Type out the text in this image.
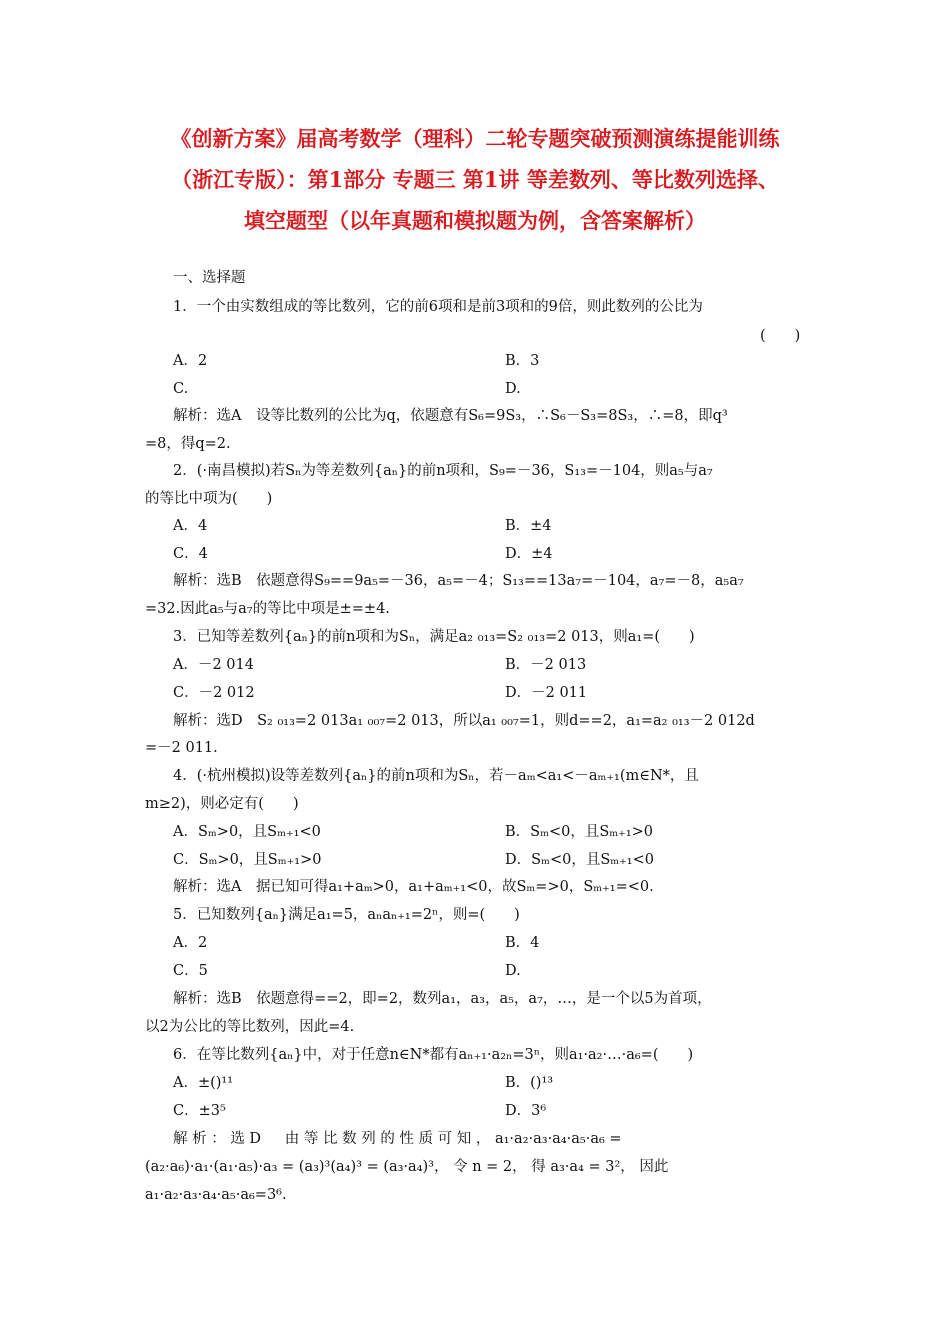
《创新方案》届高考数学（理科）二轮专题突破预测演练提能训练
（浙江专版）：第1部分 专题三 第1讲 等差数列、等比数列选择、
填空题型（以年真题和模拟题为例，含答案解析）
一、选择题
1．一个由实数组成的等比数列，它的前6项和是前3项和的9倍，则此数列的公比为
(　　)
A．2	B．3
C.	D.
解析：选A　设等比数列的公比为q，依题意有S₆=9S₃，∴S₆－S₃=8S₃，∴=8，即q³
=8，得q=2.
2．(·南昌模拟)若Sₙ为等差数列{aₙ}的前n项和，S₉=－36，S₁₃=－104，则a₅与a₇
的等比中项为(　　)
A．4	B．±4
C．4	D．±4
解析：选B　依题意得S₉==9a₅=－36，a₅=－4；S₁₃==13a₇=－104，a₇=－8，a₅a₇
=32.因此a₅与a₇的等比中项是±=±4.
3．已知等差数列{aₙ}的前n项和为Sₙ，满足a₂ ₀₁₃=S₂ ₀₁₃=2 013，则a₁=(　　)
A．－2 014	B．－2 013
C．－2 012	D．－2 011
解析：选D　S₂ ₀₁₃=2 013a₁ ₀₀₇=2 013，所以a₁ ₀₀₇=1，则d==2，a₁=a₂ ₀₁₃－2 012d
=－2 011.
4．(·杭州模拟)设等差数列{aₙ}的前n项和为Sₙ，若－aₘ<a₁<－aₘ₊₁(m∈N*，且
m≥2)，则必定有(　　)
A．Sₘ>0，且Sₘ₊₁<0	B．Sₘ<0，且Sₘ₊₁>0
C．Sₘ>0，且Sₘ₊₁>0	D．Sₘ<0，且Sₘ₊₁<0
解析：选A　据已知可得a₁+aₘ>0，a₁+aₘ₊₁<0，故Sₘ=>0，Sₘ₊₁=<0.
5．已知数列{aₙ}满足a₁=5，aₙaₙ₊₁=2ⁿ，则=(　　)
A．2	B．4
C．5	D.
解析：选B　依题意得==2，即=2，数列a₁，a₃，a₅，a₇，…，是一个以5为首项，
以2为公比的等比数列，因此=4.
6．在等比数列{aₙ}中，对于任意n∈N*都有aₙ₊₁·a₂ₙ=3ⁿ，则a₁·a₂·…·a₆=(　　)
A．±()¹¹	B．()¹³
C．±3⁵	D．3⁶
解 析 ： 选 D 　 由 等 比 数 列 的 性 质 可 知 ， a₁·a₂·a₃·a₄·a₅·a₆ =
(a₂·a₆)·a₁·(a₁·a₅)·a₃ = (a₃)³(a₄)³ = (a₃·a₄)³， 令 n = 2， 得 a₃·a₄ = 3²， 因此
a₁·a₂·a₃·a₄·a₅·a₆=3⁶.
